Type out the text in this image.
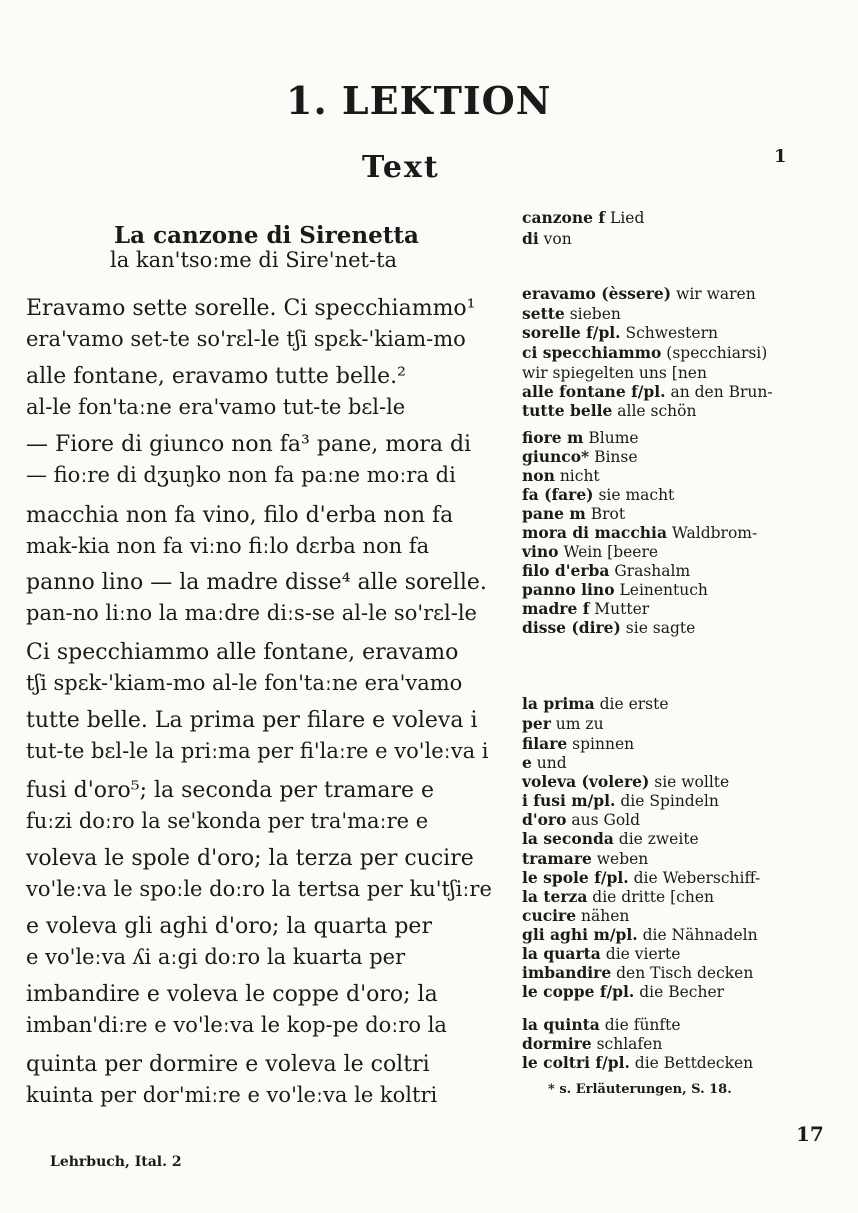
1. LEKTION
Text	1
La canzone di Sirenetta
la kan'tsoːme di Sire'net-ta
Eravamo sette sorelle. Ci specchiammo¹
era'vamo set-te so'rɛl-le tʃi spɛk-'kiam-mo
alle fontane, eravamo tutte belle.²
al-le fon'taːne era'vamo tut-te bɛl-le
— Fiore di giunco non fa³ pane, mora di
— fioːre di dʒuŋko non fa paːne moːra di
macchia non fa vino, filo d'erba non fa
mak-kia non fa viːno fiːlo dɛrba non fa
panno lino — la madre disse⁴ alle sorelle.
pan-no liːno la maːdre diːs-se al-le so'rɛl-le
Ci specchiammo alle fontane, eravamo
tʃi spɛk-'kiam-mo al-le fon'taːne era'vamo
tutte belle. La prima per filare e voleva i
tut-te bɛl-le la priːma per fi'laːre e vo'leːva i
fusi d'oro⁵; la seconda per tramare e
fuːzi doːro la se'konda per tra'maːre e
voleva le spole d'oro; la terza per cucire
vo'leːva le spoːle doːro la tertsa per ku'tʃiːre
e voleva gli aghi d'oro; la quarta per
e vo'leːva ʎi aːgi doːro la kuarta per
imbandire e voleva le coppe d'oro; la
imban'diːre e vo'leːva le kop-pe doːro la
quinta per dormire e voleva le coltri
kuinta per dor'miːre e vo'leːva le koltri
canzone f Lied
di von
eravamo (èssere) wir waren
sette sieben
sorelle f/pl. Schwestern
ci specchiammo (specchiarsi)
wir spiegelten uns [nen
alle fontane f/pl. an den Brun-
tutte belle alle schön
fiore m Blume
giunco* Binse
non nicht
fa (fare) sie macht
pane m Brot
mora di macchia Waldbrom-
vino Wein [beere
filo d'erba Grashalm
panno lino Leinentuch
madre f Mutter
disse (dire) sie sagte
la prima die erste
per um zu
filare spinnen
e und
voleva (volere) sie wollte
i fusi m/pl. die Spindeln
d'oro aus Gold
la seconda die zweite
tramare weben
le spole f/pl. die Weberschiff-
la terza die dritte [chen
cucire nähen
gli aghi m/pl. die Nähnadeln
la quarta die vierte
imbandire den Tisch decken
le coppe f/pl. die Becher
la quinta die fünfte
dormire schlafen
le coltri f/pl. die Bettdecken
* s. Erläuterungen, S. 18.
17
Lehrbuch, Ital. 2
